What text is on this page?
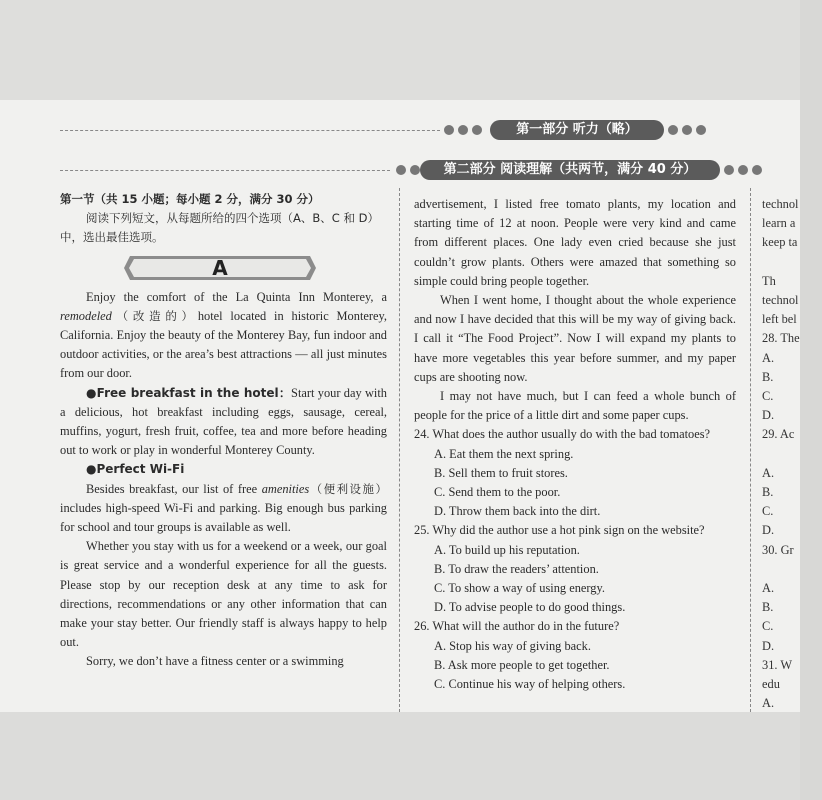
第一部分 听力（略）
第二部分 阅读理解（共两节，满分 40 分）

第一节（共 15 小题；每小题 2 分，满分 30 分）

阅读下列短文，从每题所给的四个选项（A、B、C 和 D）中，选出最佳选项。

A

Enjoy the comfort of the La Quinta Inn Monterey, a remodeled（改造的）hotel located in historic Monterey, California. Enjoy the beauty of the Monterey Bay, fun indoor and outdoor activities, or the area’s best attractions — all just minutes from our door.

●Free breakfast in the hotel：Start your day with a delicious, hot breakfast including eggs, sausage, cereal, muffins, yogurt, fresh fruit, coffee, tea and more before heading out to work or play in wonderful Monterey County.

●Perfect Wi-Fi

Besides breakfast, our list of free amenities（便利设施）includes high-speed Wi-Fi and parking. Big enough bus parking for school and tour groups is available as well.

Whether you stay with us for a weekend or a week, our goal is great service and a wonderful experience for all the guests. Please stop by our reception desk at any time to ask for directions, recommendations or any other information that can make your stay better. Our friendly staff is always happy to help out.

Sorry, we don’t have a fitness center or a swimming

advertisement, I listed free tomato plants, my location and starting time of 12 at noon. People were very kind and came from different places. One lady even cried because she just couldn’t grow plants. Others were amazed that something so simple could bring people together.

When I went home, I thought about the whole experience and now I have decided that this will be my way of giving back. I call it “The Food Project”. Now I will expand my plants to have more vegetables this year before summer, and my paper cups are shooting now.

I may not have much, but I can feed a whole bunch of people for the price of a little dirt and some paper cups.

24. What does the author usually do with the bad tomatoes?

A. Eat them the next spring.

B. Sell them to fruit stores.

C. Send them to the poor.

D. Throw them back into the dirt.

25. Why did the author use a hot pink sign on the website?

A. To build up his reputation.

B. To draw the readers’ attention.

C. To show a way of using energy.

D. To advise people to do good things.

26. What will the author do in the future?

A. Stop his way of giving back.

B. Ask more people to get together.

C. Continue his way of helping others.

technol

learn a

keep ta

Th

technol

left bel

28. The

A.

B.

C.

D.

29. Ac

A.

B.

C.

D.

30. Gr

A.

B.

C.

D.

31. W

edu

A.
